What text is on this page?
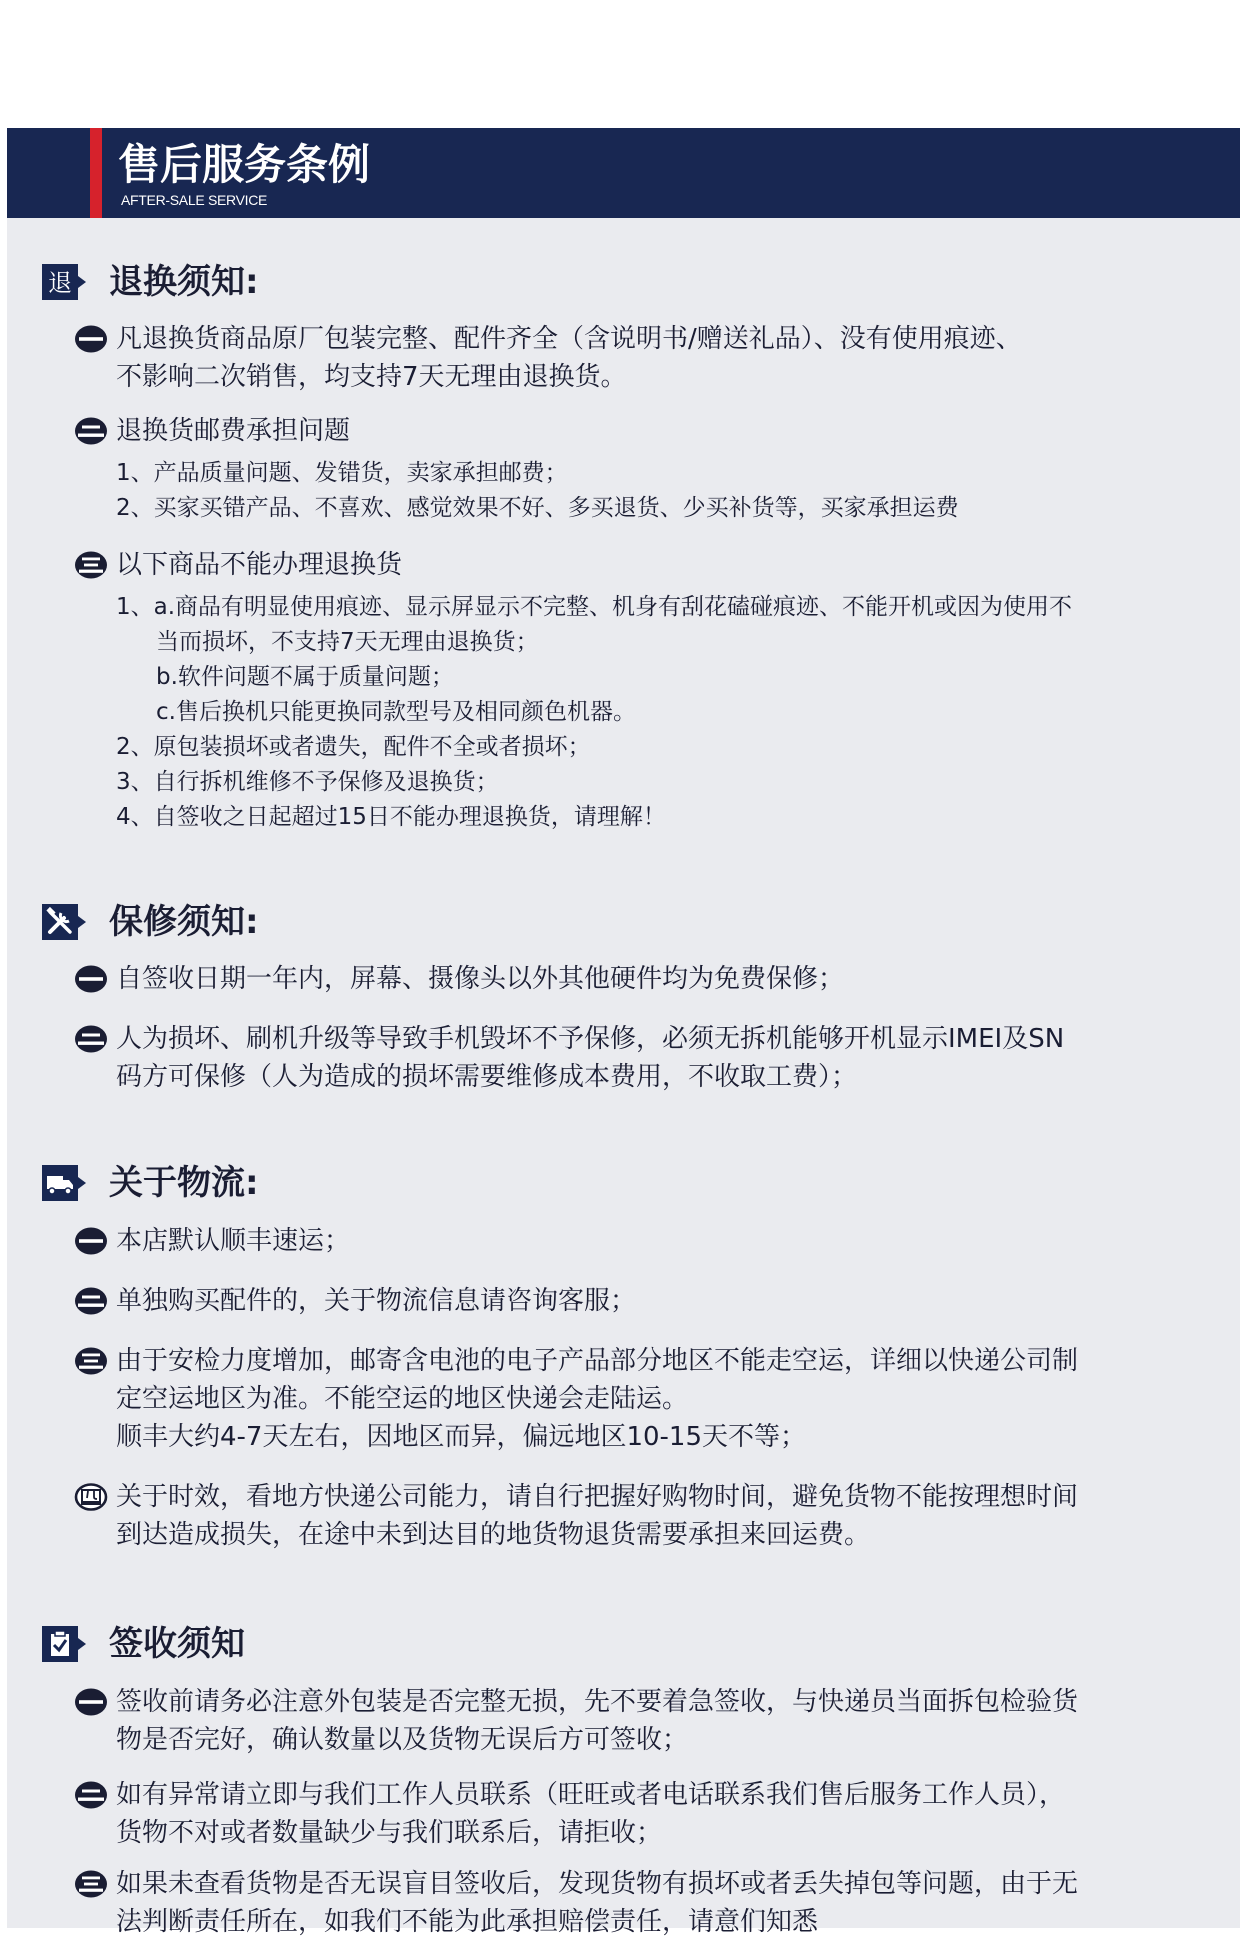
售后服务条例
AFTER-SALE SERVICE
退 退换须知:
凡退换货商品原厂包装完整、配件齐全（含说明书/赠送礼品）、没有使用痕迹、
不影响二次销售，均支持7天无理由退换货。
退换货邮费承担问题
1、产品质量问题、发错货，卖家承担邮费；
2、买家买错产品、不喜欢、感觉效果不好、多买退货、少买补货等，买家承担运费
以下商品不能办理退换货
1、a.商品有明显使用痕迹、显示屏显示不完整、机身有刮花磕碰痕迹、不能开机或因为使用不
当而损坏，不支持7天无理由退换货；
b.软件问题不属于质量问题；
c.售后换机只能更换同款型号及相同颜色机器。
2、原包装损坏或者遗失，配件不全或者损坏；
3、自行拆机维修不予保修及退换货；
4、自签收之日起超过15日不能办理退换货，请理解！
保修须知:
自签收日期一年内，屏幕、摄像头以外其他硬件均为免费保修；
人为损坏、刷机升级等导致手机毁坏不予保修，必须无拆机能够开机显示IMEI及SN
码方可保修（人为造成的损坏需要维修成本费用，不收取工费）；
关于物流:
本店默认顺丰速运；
单独购买配件的，关于物流信息请咨询客服；
由于安检力度增加，邮寄含电池的电子产品部分地区不能走空运，详细以快递公司制
定空运地区为准。不能空运的地区快递会走陆运。
顺丰大约4-7天左右，因地区而异，偏远地区10-15天不等；
关于时效，看地方快递公司能力，请自行把握好购物时间，避免货物不能按理想时间
到达造成损失，在途中未到达目的地货物退货需要承担来回运费。
签收须知
签收前请务必注意外包装是否完整无损，先不要着急签收，与快递员当面拆包检验货
物是否完好，确认数量以及货物无误后方可签收；
如有异常请立即与我们工作人员联系（旺旺或者电话联系我们售后服务工作人员），
货物不对或者数量缺少与我们联系后，请拒收；
如果未查看货物是否无误盲目签收后，发现货物有损坏或者丢失掉包等问题，由于无
法判断责任所在，如我们不能为此承担赔偿责任，请意们知悉
